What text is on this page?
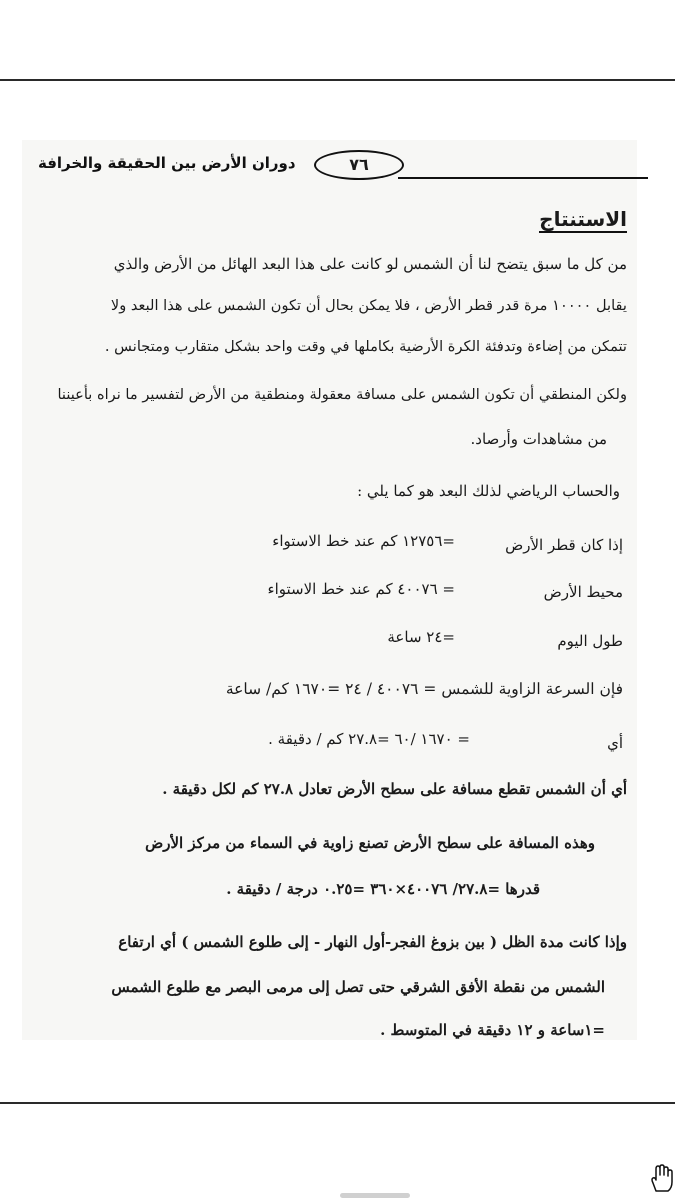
دوران الأرض بين الحقيقة والخرافة	٧٦
الاستنتاج
من كل ما سبق يتضح لنا أن الشمس لو كانت على هذا البعد الهائل من الأرض والذي
يقابل ١٠٠٠٠ مرة قدر قطر الأرض ، فلا يمكن بحال أن تكون الشمس على هذا البعد ولا
تتمكن من إضاءة وتدفئة الكرة الأرضية بكاملها في وقت واحد بشكل متقارب ومتجانس .
ولكن المنطقي أن تكون الشمس على مسافة معقولة ومنطقية من الأرض لتفسير ما نراه بأعيننا
من مشاهدات وأرصاد.
والحساب الرياضي لذلك البعد هو كما يلي :
إذا كان قطر الأرض
=١٢٧٥٦ كم عند خط الاستواء
محيط الأرض
= ٤٠٠٧٦ كم عند خط الاستواء
طول اليوم
=٢٤ ساعة
فإن السرعة الزاوية للشمس = ٤٠٠٧٦ / ٢٤ =١٦٧٠ كم/ ساعة
أي
= ١٦٧٠ /٦٠ =٢٧.٨ كم / دقيقة .
أي أن الشمس تقطع مسافة على سطح الأرض تعادل ٢٧.٨ كم لكل دقيقة .
وهذه المسافة على سطح الأرض تصنع زاوية في السماء من مركز الأرض
قدرها =٢٧.٨/ ٤٠٠٧٦×٣٦٠ =٠.٢٥ درجة / دقيقة .
وإذا كانت مدة الظل ( بين بزوغ الفجر-أول النهار - إلى طلوع الشمس ) أي ارتفاع
الشمس من نقطة الأفق الشرقي حتى تصل إلى مرمى البصر مع طلوع الشمس
=١ساعة و ١٢ دقيقة في المتوسط .
